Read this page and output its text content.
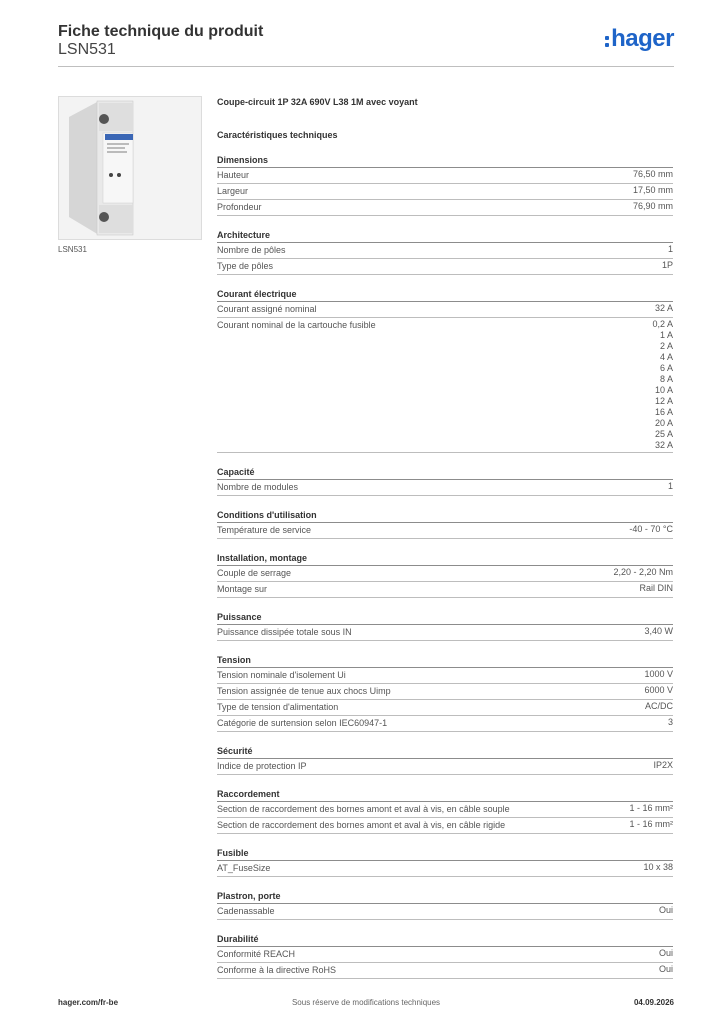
Fiche technique du produit
LSN531	hager
LSN531
Coupe-circuit 1P 32A 690V L38 1M avec voyant
Caractéristiques techniques
Dimensions
Hauteur	76,50 mm
Largeur	17,50 mm
Profondeur	76,90 mm
Architecture
Nombre de pôles	1
Type de pôles	1P
Courant électrique
Courant assigné nominal	32 A
Courant nominal de la cartouche fusible	0,2 A
1 A
2 A
4 A
6 A
8 A
10 A
12 A
16 A
20 A
25 A
32 A
Capacité
Nombre de modules	1
Conditions d'utilisation
Température de service	-40 - 70 °C
Installation, montage
Couple de serrage	2,20 - 2,20 Nm
Montage sur	Rail DIN
Puissance
Puissance dissipée totale sous IN	3,40 W
Tension
Tension nominale d'isolement Ui	1000 V
Tension assignée de tenue aux chocs Uimp	6000 V
Type de tension d'alimentation	AC/DC
Catégorie de surtension selon IEC60947-1	3
Sécurité
Indice de protection IP	IP2X
Raccordement
Section de raccordement des bornes amont et aval à vis, en câble souple	1 - 16 mm²
Section de raccordement des bornes amont et aval à vis, en câble rigide	1 - 16 mm²
Fusible
AT_FuseSize	10 x 38
Plastron, porte
Cadenassable	Oui
Durabilité
Conformité REACH	Oui
Conforme à la directive RoHS	Oui
hager.com/fr-be	Sous réserve de modifications techniques	04.09.2026
